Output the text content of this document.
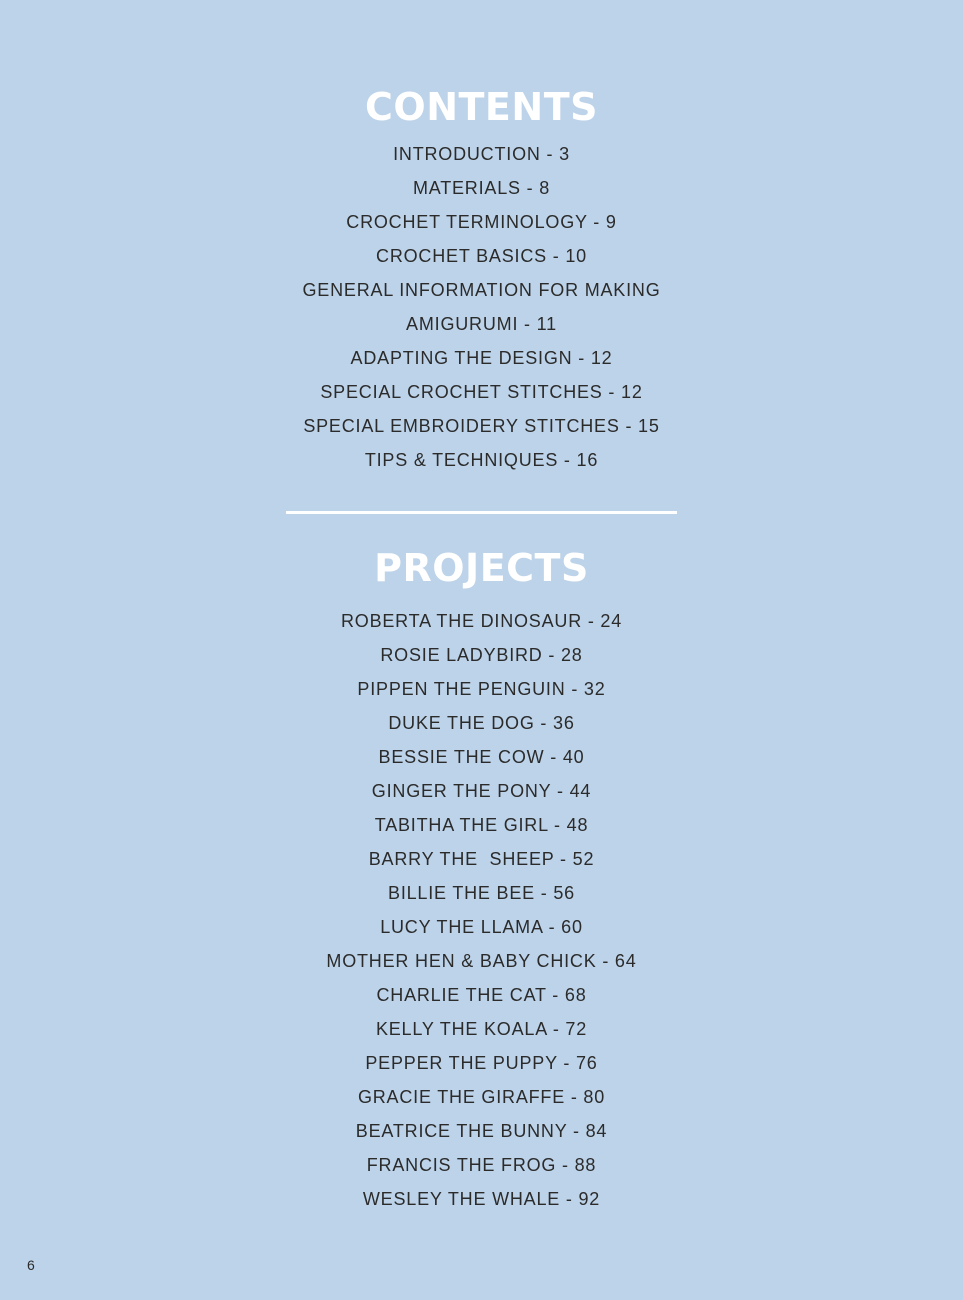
CONTENTS
INTRODUCTION - 3
MATERIALS - 8
CROCHET TERMINOLOGY - 9
CROCHET BASICS - 10
GENERAL INFORMATION FOR MAKING
AMIGURUMI - 11
ADAPTING THE DESIGN - 12
SPECIAL CROCHET STITCHES - 12
SPECIAL EMBROIDERY STITCHES - 15
TIPS & TECHNIQUES - 16
PROJECTS
ROBERTA THE DINOSAUR - 24
ROSIE LADYBIRD - 28
PIPPEN THE PENGUIN - 32
DUKE THE DOG - 36
BESSIE THE COW - 40
GINGER THE PONY - 44
TABITHA THE GIRL - 48
BARRY THE  SHEEP - 52
BILLIE THE BEE - 56
LUCY THE LLAMA - 60
MOTHER HEN & BABY CHICK - 64
CHARLIE THE CAT - 68
KELLY THE KOALA - 72
PEPPER THE PUPPY - 76
GRACIE THE GIRAFFE - 80
BEATRICE THE BUNNY - 84
FRANCIS THE FROG - 88
WESLEY THE WHALE - 92
6
